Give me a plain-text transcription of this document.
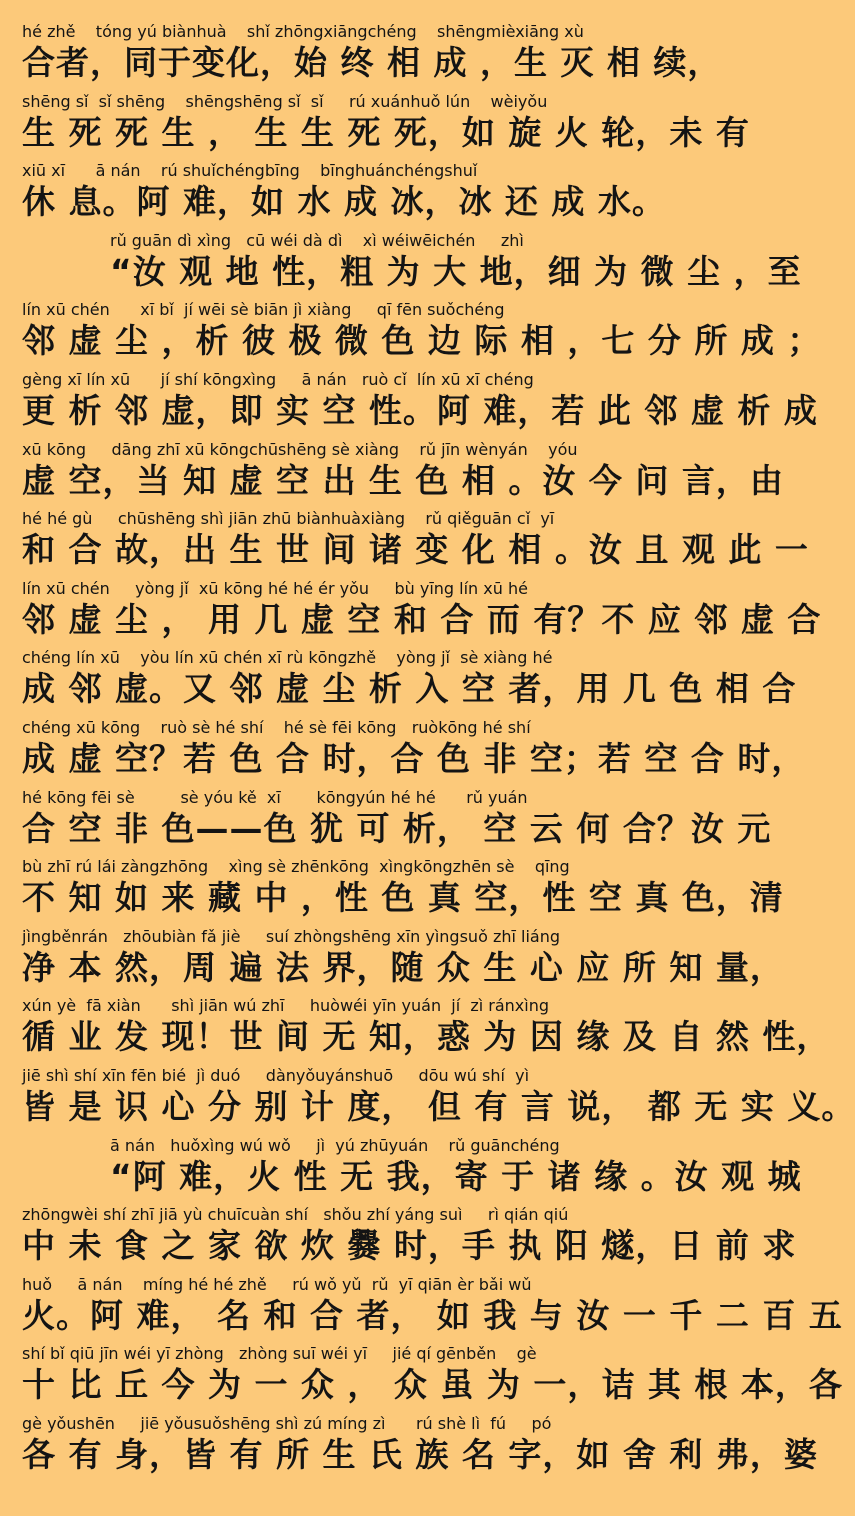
hé zhě    tóng yú biànhuà    shǐ zhōngxiāngchéng    shēngmièxiāng xù
合者，同于变化，始 终 相 成 ，生 灭 相 续，
shēng sǐ  sǐ shēng    shēngshēng sǐ  sǐ     rú xuánhuǒ lún    wèiyǒu
生 死 死 生 ， 生 生 死 死，如 旋 火 轮，未 有
xiū xī      ā nán    rú shuǐchéngbīng    bīnghuánchéngshuǐ
休 息。阿 难，如 水 成 冰，冰 还 成 水。
rǔ guān dì xìng   cū wéi dà dì    xì wéiwēichén     zhì
“汝 观 地 性，粗 为 大 地，细 为 微 尘 ，至
lín xū chén      xī bǐ  jí wēi sè biān jì xiàng     qī fēn suǒchéng
邻 虚 尘 ，析 彼 极 微 色 边 际 相 ，七 分 所 成 ；
gèng xī lín xū      jí shí kōngxìng     ā nán   ruò cǐ  lín xū xī chéng
更 析 邻 虚，即 实 空 性。阿 难，若 此 邻 虚 析 成
xū kōng     dāng zhī xū kōngchūshēng sè xiàng    rǔ jīn wènyán    yóu
虚 空，当 知 虚 空 出 生 色 相 。汝 今 问 言，由
hé hé gù     chūshēng shì jiān zhū biànhuàxiàng    rǔ qiěguān cǐ  yī
和 合 故，出 生 世 间 诸 变 化 相 。汝 且 观 此 一
lín xū chén     yòng jǐ  xū kōng hé hé ér yǒu     bù yīng lín xū hé
邻 虚 尘 ， 用 几 虚 空 和 合 而 有？不 应 邻 虚 合
chéng lín xū    yòu lín xū chén xī rù kōngzhě    yòng jǐ  sè xiàng hé
成 邻 虚。又 邻 虚 尘 析 入 空 者，用 几 色 相 合
chéng xū kōng    ruò sè hé shí    hé sè fēi kōng   ruòkōng hé shí
成 虚 空？若 色 合 时，合 色 非 空；若 空 合 时，
hé kōng fēi sè         sè yóu kě  xī       kōngyún hé hé      rǔ yuán
合 空 非 色——色 犹 可 析， 空 云 何 合？汝 元
bù zhī rú lái zàngzhōng    xìng sè zhēnkōng  xìngkōngzhēn sè    qīng
不 知 如 来 藏 中 ，性 色 真 空，性 空 真 色，清
jìngběnrán   zhōubiàn fǎ jiè     suí zhòngshēng xīn yìngsuǒ zhī liáng
净 本 然，周 遍 法 界，随 众 生 心 应 所 知 量，
xún yè  fā xiàn      shì jiān wú zhī     huòwéi yīn yuán  jí  zì ránxìng
循 业 发 现！世 间 无 知，惑 为 因 缘 及 自 然 性，
jiē shì shí xīn fēn bié  jì duó     dànyǒuyánshuō     dōu wú shí  yì
皆 是 识 心 分 别 计 度， 但 有 言 说， 都 无 实 义。
ā nán   huǒxìng wú wǒ     jì  yú zhūyuán    rǔ guānchéng
“阿 难，火 性 无 我，寄 于 诸 缘 。汝 观 城
zhōngwèi shí zhī jiā yù chuīcuàn shí   shǒu zhí yáng suì     rì qián qiú
中 未 食 之 家 欲 炊 爨 时，手 执 阳 燧，日 前 求
huǒ     ā nán    míng hé hé zhě     rú wǒ yǔ  rǔ  yī qiān èr bǎi wǔ
火。阿 难， 名 和 合 者， 如 我 与 汝 一 千 二 百 五
shí bǐ qiū jīn wéi yī zhòng   zhòng suī wéi yī     jié qí gēnběn    gè
十 比 丘 今 为 一 众 ， 众 虽 为 一，诘 其 根 本，各
gè yǒushēn     jiē yǒusuǒshēng shì zú míng zì      rú shè lì  fú     pó
各 有 身，皆 有 所 生 氏 族 名 字，如 舍 利 弗，婆
